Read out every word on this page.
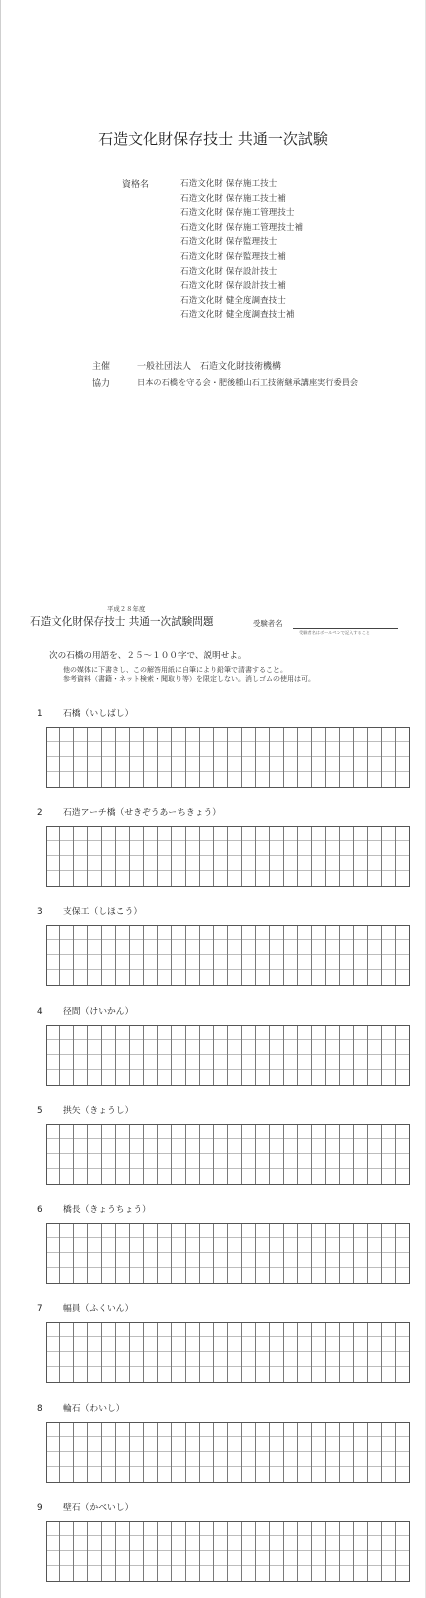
石造文化財保存技士 共通一次試験
資格名	石造文化財 保存施工技士
石造文化財 保存施工技士補
石造文化財 保存施工管理技士
石造文化財 保存施工管理技士補
石造文化財 保存監理技士
石造文化財 保存監理技士補
石造文化財 保存設計技士
石造文化財 保存設計技士補
石造文化財 健全度調査技士
石造文化財 健全度調査技士補
主催	一般社団法人　石造文化財技術機構
協力	日本の石橋を守る会・肥後種山石工技術継承講座実行委員会
平成２８年度
石造文化財保存技士 共通一次試験問題	受験者名
受験者名はボールペンで記入すること
次の石橋の用語を、２５〜１００字で、説明せよ。
他の媒体に下書きし、この解答用紙に自筆により鉛筆で清書すること。
参考資料（書籍・ネット検索・聞取り等）を限定しない。消しゴムの使用は可。
1 石橋（いしばし）
2 石造アーチ橋（せきぞうあーちきょう）
3 支保工（しほこう）
4 径間（けいかん）
5 拱矢（きょうし）
6 橋長（きょうちょう）
7 幅員（ふくいん）
8 輪石（わいし）
9 壁石（かべいし）
